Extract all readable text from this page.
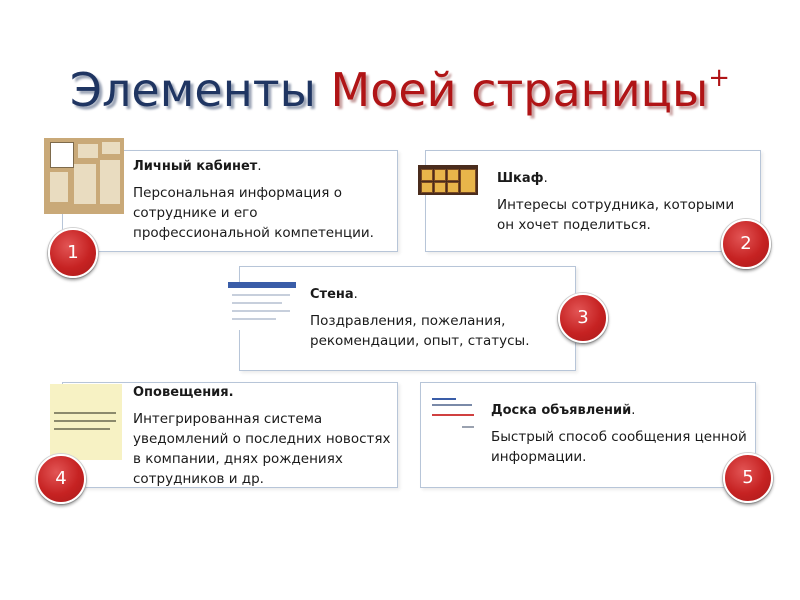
Элементы Моей страницы+
Личный кабинет.
Персональная информация о сотруднике и его профессиональной компетенции.
1
Шкаф.
Интересы сотрудника, которыми он хочет поделиться.
2
Стена.
Поздравления, пожелания, рекомендации, опыт, статусы.
3
Оповещения.
Интегрированная система уведомлений о последних новостях в компании, днях рождениях сотрудников и др.
4
Доска объявлений.
Быстрый способ сообщения ценной информации.
5
